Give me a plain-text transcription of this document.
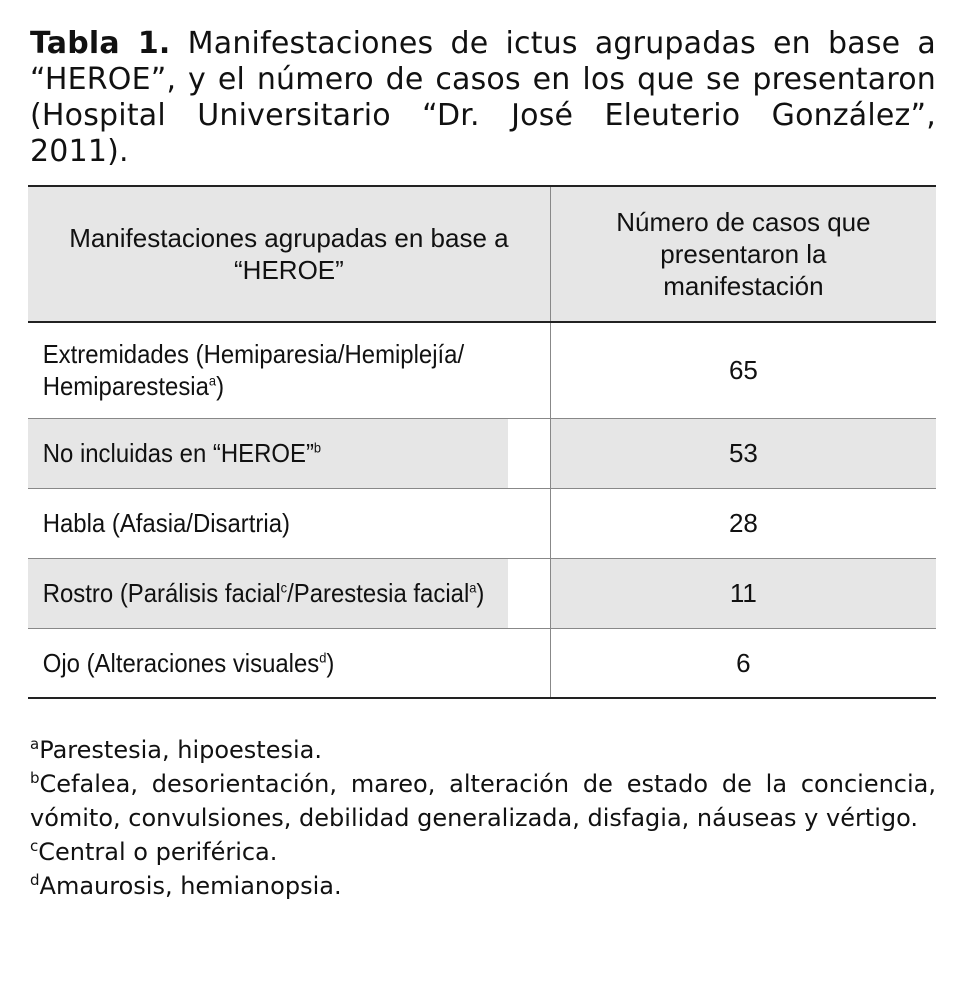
Tabla 1. Manifestaciones de ictus agrupadas en base a “HEROE”, y el número de casos en los que se presentaron (Hospital Universitario “Dr. José Eleuterio González”, 2011).
Manifestaciones agrupadas en base a “HEROE”	Número de casos que presentaron la manifestación
Extremidades (Hemiparesia/Hemiplejía/
Hemiparestesia$^a$)	65
No incluidas en “HEROE”$^b$	53
Habla (Afasia/Disartria)	28
Rostro (Parálisis facial$^c$/Parestesia facial$^a$)	11
Ojo (Alteraciones visuales$^d$)	6

$^a$Parestesia, hipoestesia.

$^b$Cefalea, desorientación, mareo, alteración de estado de la conciencia, vómito, convulsiones, debilidad generalizada, disfagia, náuseas y vértigo.

$^c$Central o periférica.

$^d$Amaurosis, hemianopsia.
